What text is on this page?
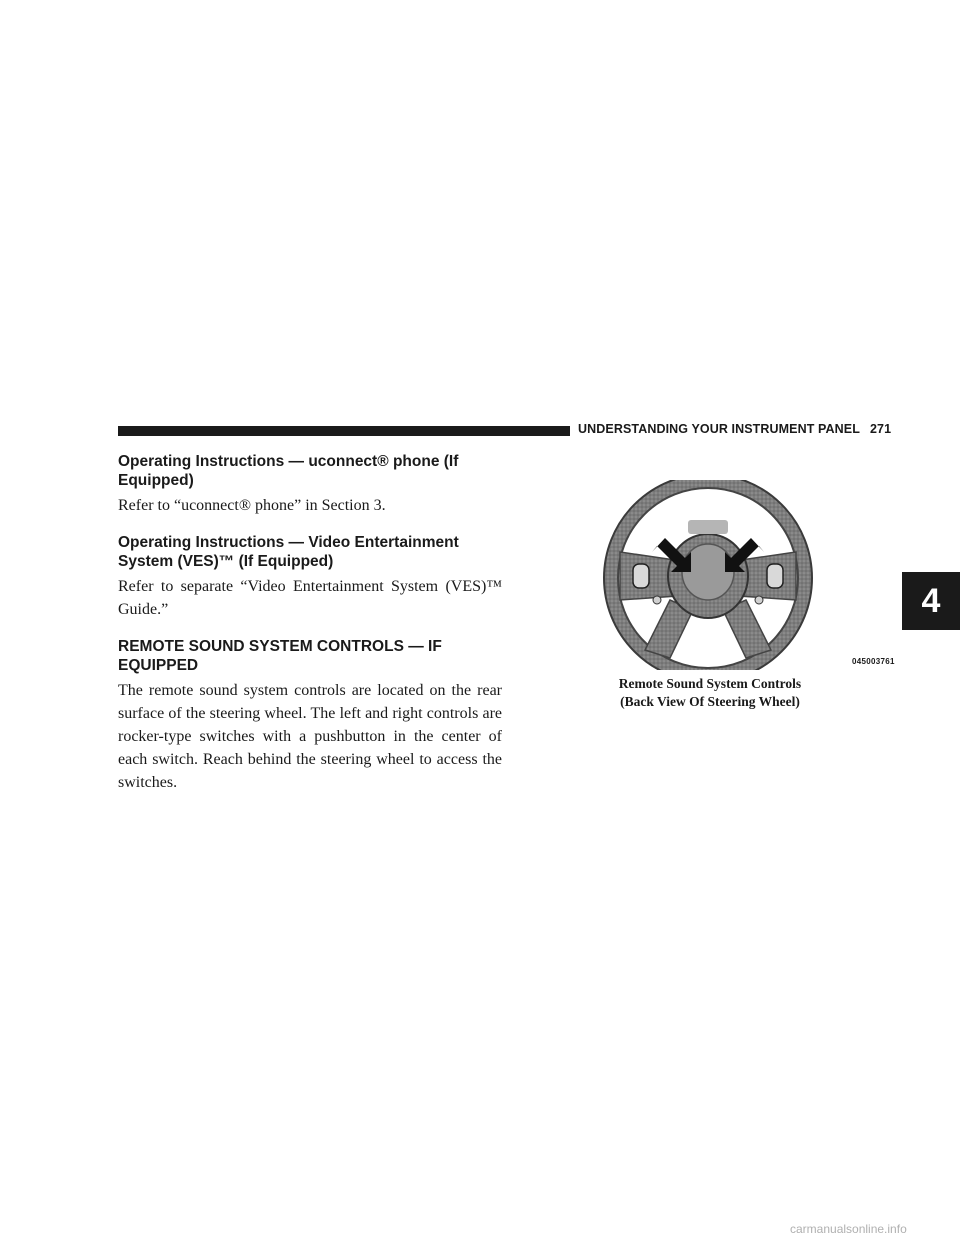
UNDERSTANDING YOUR INSTRUMENT PANEL 271
Operating Instructions — uconnect® phone (If Equipped)

Refer to “uconnect® phone” in Section 3.

Operating Instructions — Video Entertainment System (VES)™ (If Equipped)

Refer to separate “Video Entertainment System (VES)™ Guide.”

REMOTE SOUND SYSTEM CONTROLS — IF EQUIPPED

The remote sound system controls are located on the rear surface of the steering wheel. The left and right controls are rocker-type switches with a pushbutton in the center of each switch. Reach behind the steering wheel to access the switches.

045003761
Remote Sound System Controls
(Back View Of Steering Wheel)
4
carmanualsonline.info
